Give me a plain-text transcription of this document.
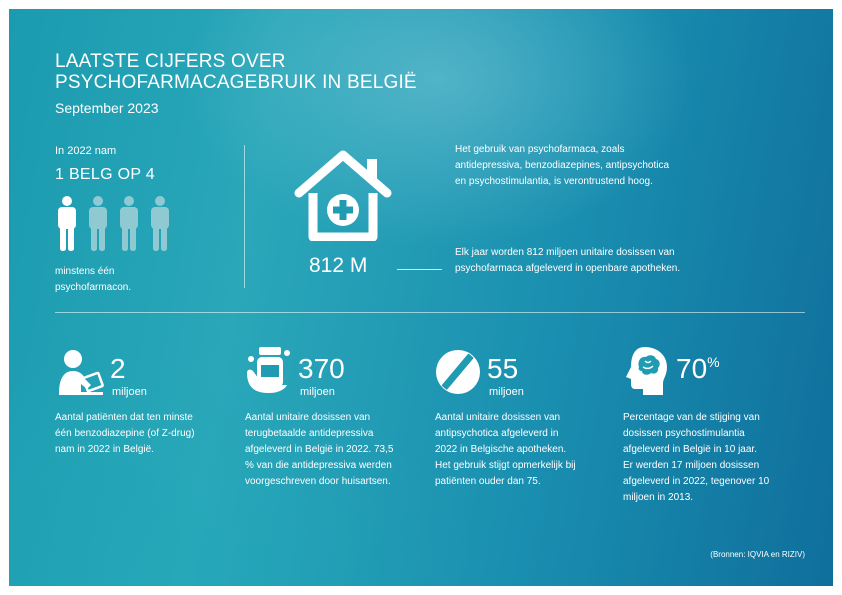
LAATSTE CIJFERS OVER
PSYCHOFARMACAGEBRUIK IN BELGIË
September 2023
In 2022 nam
1 BELG OP 4
minstens één
psychofarmacon.
812 M
Het gebruik van psychofarmaca, zoals
antidepressiva, benzodiazepines, antipsychotica
en psychostimulantia, is verontrustend hoog.
Elk jaar worden 812 miljoen unitaire dosissen van
psychofarmaca afgeleverd in openbare apotheken.
2
miljoen
Aantal patiënten dat ten minste
één benzodiazepine (of Z-drug)
nam in 2022 in België.
370
miljoen
Aantal unitaire dosissen van
terugbetaalde antidepressiva
afgeleverd in België in 2022. 73,5
% van die antidepressiva werden
voorgeschreven door huisartsen.
55
miljoen
Aantal unitaire dosissen van
antipsychotica afgeleverd in
2022 in Belgische apotheken.
Het gebruik stijgt opmerkelijk bij
patiënten ouder dan 75.
70%
Percentage van de stijging van
dosissen psychostimulantia
afgeleverd in België in 10 jaar.
Er werden 17 miljoen dosissen
afgeleverd in 2022, tegenover 10
miljoen in 2013.
(Bronnen: IQVIA en RIZIV)
